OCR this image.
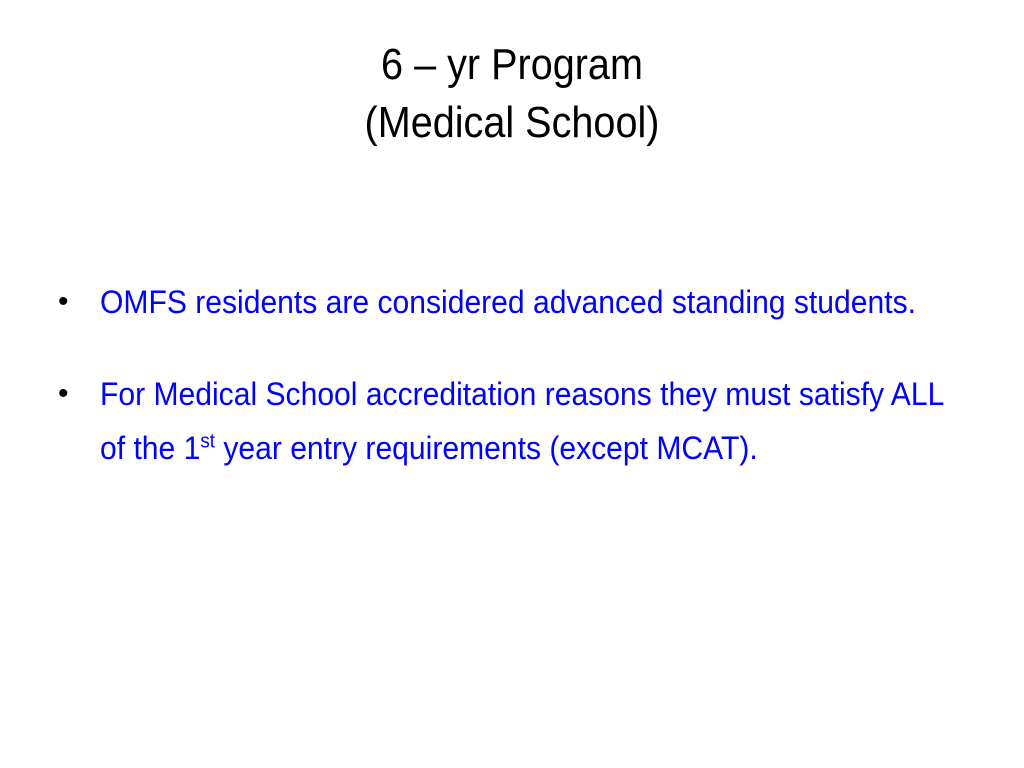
6 – yr Program
(Medical School)
• OMFS residents are considered advanced standing students.
• For Medical School accreditation reasons they must satisfy ALL of the 1st year entry requirements (except MCAT).
